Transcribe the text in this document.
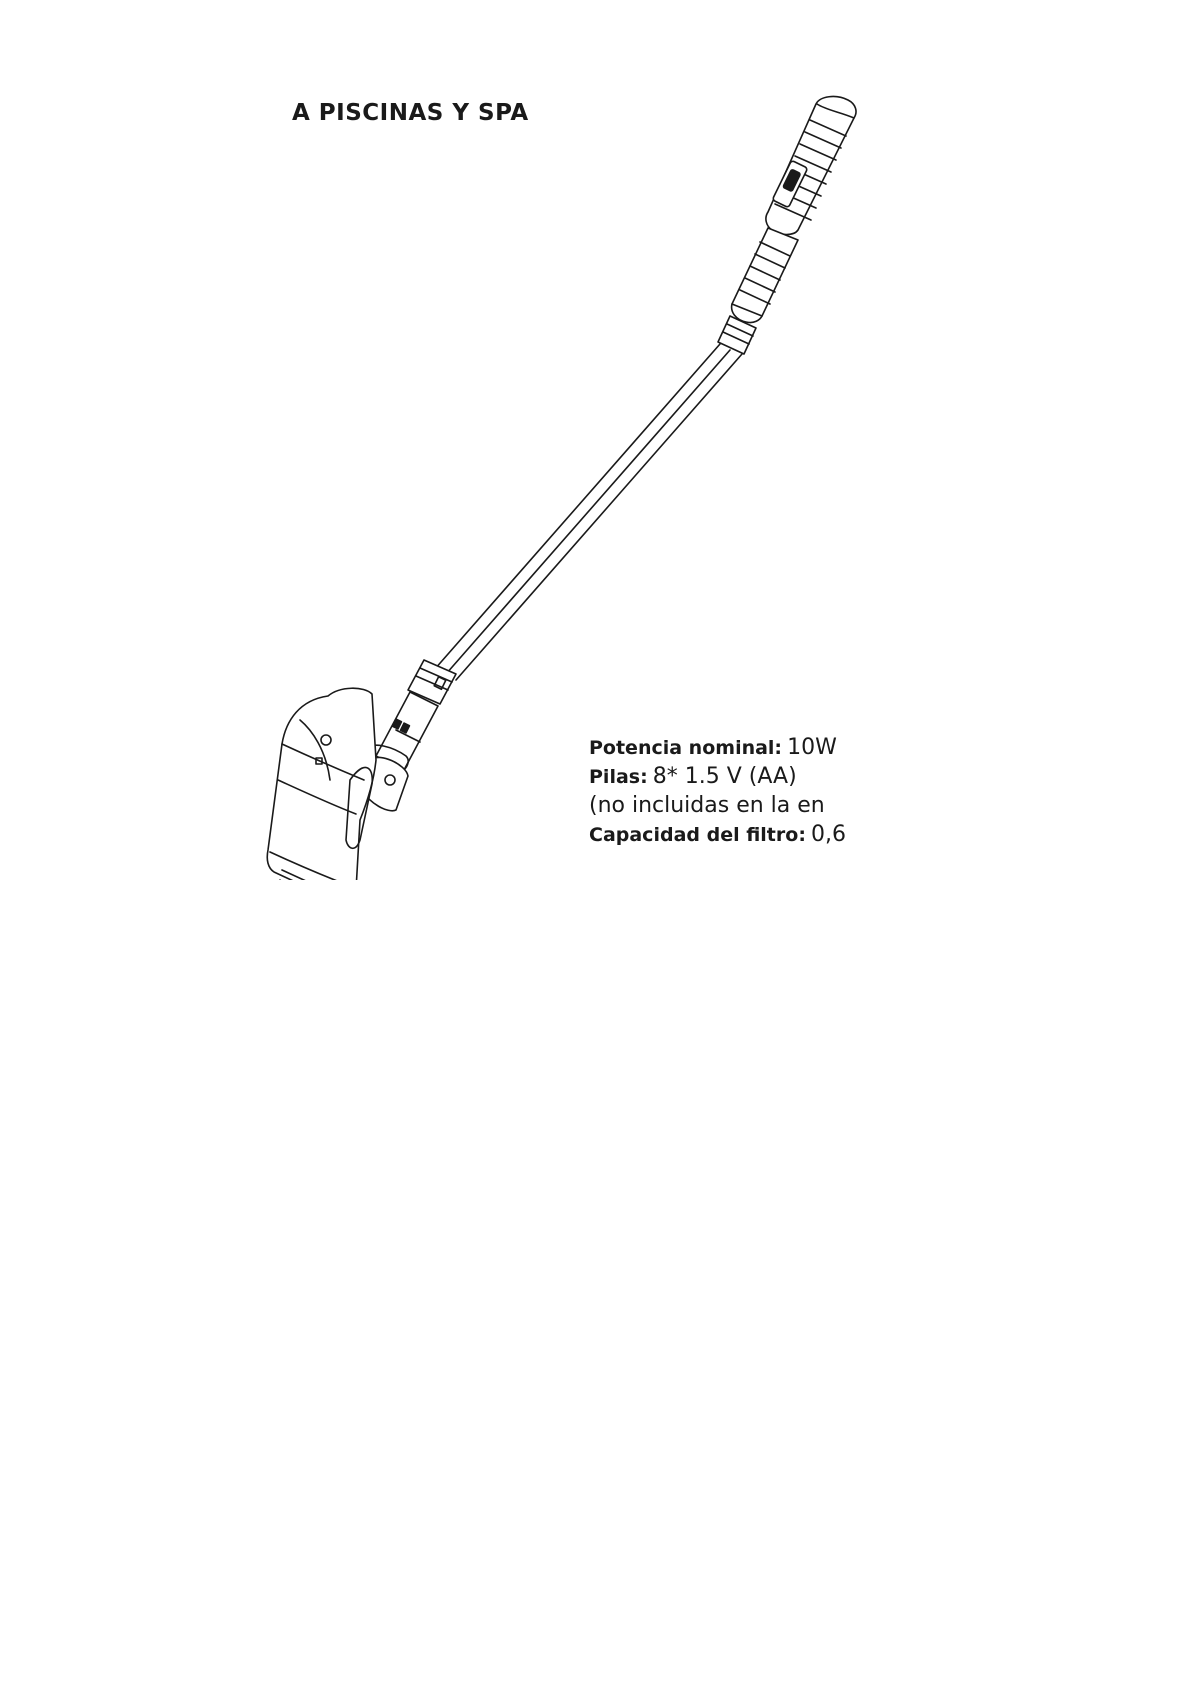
A PISCINAS Y SPA
Potencia nominal: 10W
Pilas: 8* 1.5 V (AA)
(no incluidas en la en
Capacidad del filtro: 0,6
